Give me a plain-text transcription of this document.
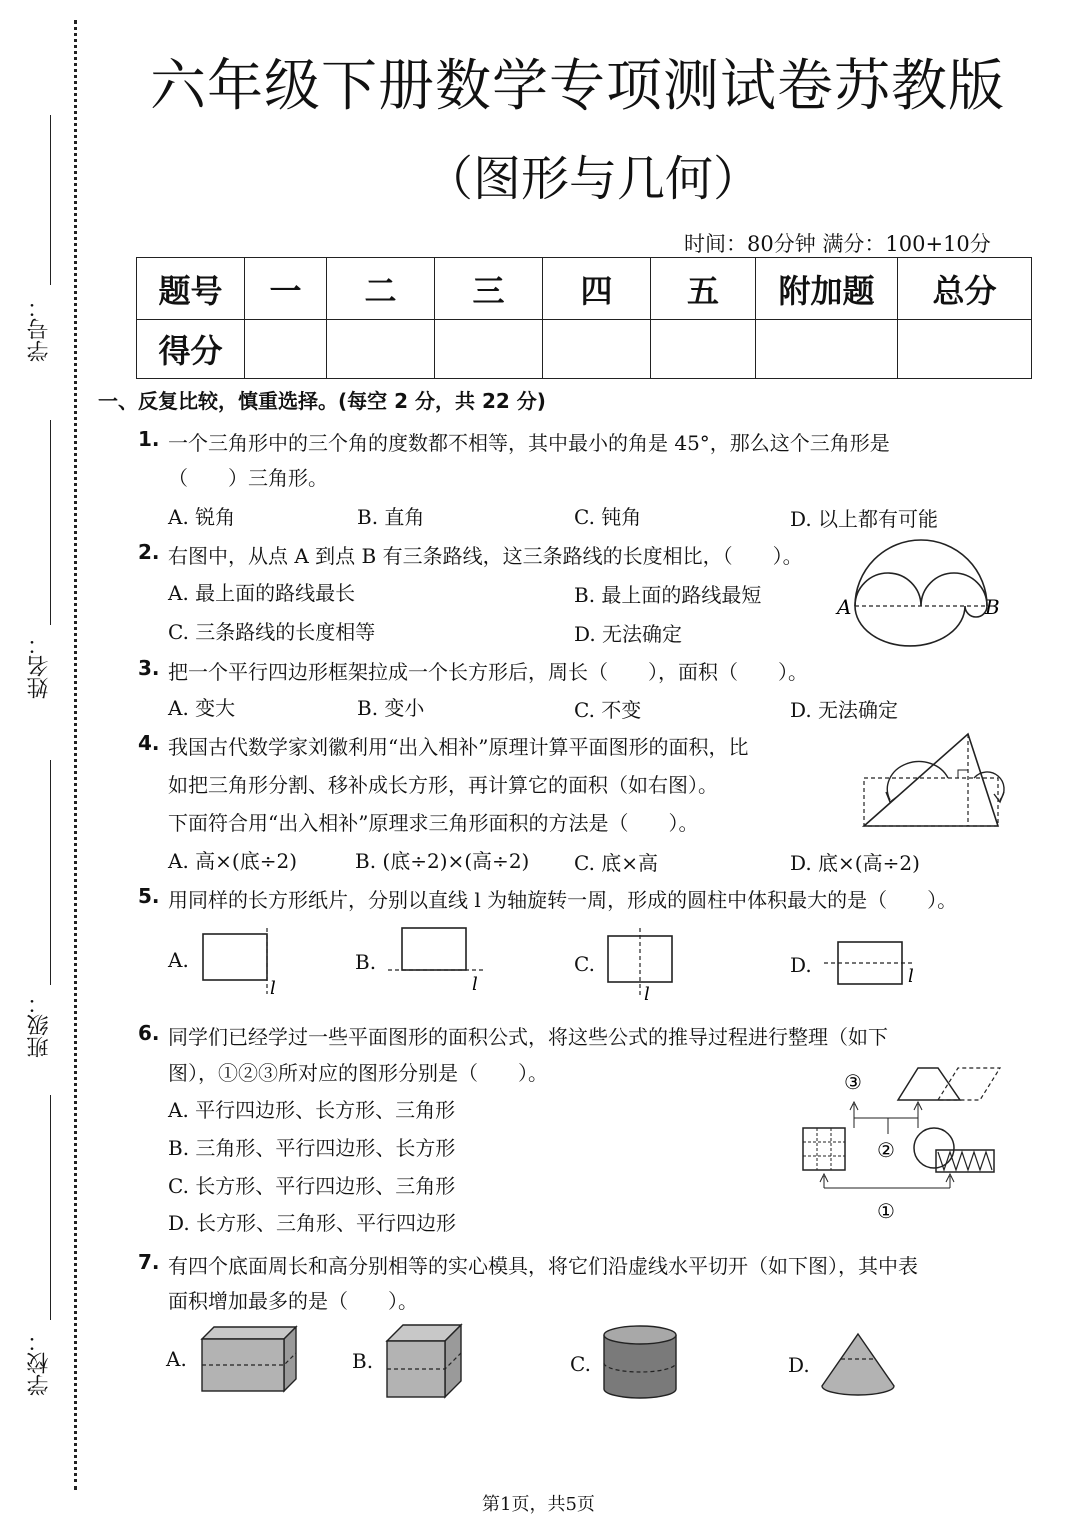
学号：
姓名：
班级：
学校：
六年级下册数学专项测试卷苏教版
（图形与几何）
时间：80分钟 满分：100+10分
题号	一	二	三	四	五	附加题	总分
得分							
一、反复比较，慎重选择。(每空 2 分，共 22 分)
1. 一个三角形中的三个角的度数都不相等，其中最小的角是 45°，那么这个三角形是
（　　）三角形。
A. 锐角	B. 直角	C. 钝角	D. 以上都有可能
2. 右图中，从点 A 到点 B 有三条路线，这三条路线的长度相比，（　　）。
A. 最上面的路线最长	B. 最上面的路线最短
C. 三条路线的长度相等	D. 无法确定
A	B
3. 把一个平行四边形框架拉成一个长方形后，周长（　　），面积（　　）。
A. 变大	B. 变小	C. 不变	D. 无法确定
4. 我国古代数学家刘徽利用“出入相补”原理计算平面图形的面积，比
如把三角形分割、移补成长方形，再计算它的面积（如右图）。
下面符合用“出入相补”原理求三角形面积的方法是（　　）。
A. 高×(底÷2)	B. (底÷2)×(高÷2) C. 底×高	D. 底×(高÷2)
5. 用同样的长方形纸片，分别以直线 l 为轴旋转一周，形成的圆柱中体积最大的是（　　）。
A.	B.	C.	D.
l	l	l
l
6. 同学们已经学过一些平面图形的面积公式，将这些公式的推导过程进行整理（如下
图），①②③所对应的图形分别是（　　）。
A. 平行四边形、长方形、三角形
B. 三角形、平行四边形、长方形
C. 长方形、平行四边形、三角形
D. 长方形、三角形、平行四边形
③
②
①
7. 有四个底面周长和高分别相等的实心模具，将它们沿虚线水平切开（如下图），其中表
面积增加最多的是（　　）。
A.	B.	C.	D.
第1页，共5页
